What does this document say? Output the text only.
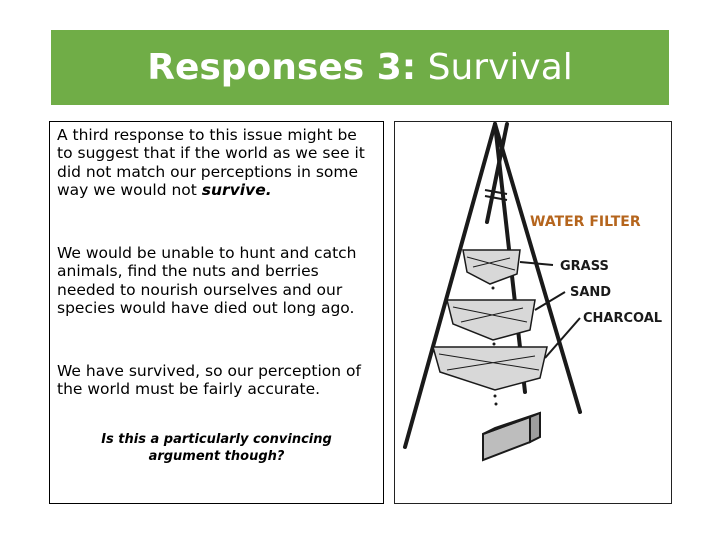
Responses 3: Survival

A third response to this issue might be to suggest that if the world as we see it did not match our perceptions in some way we would not survive.

We would be unable to hunt and catch animals, find the nuts and berries needed to nourish ourselves and our species would have died out long ago.

We have survived, so our perception of the world must be fairly accurate.

Is this a particularly convincing argument though?

WATER FILTER
GRASS
SAND
CHARCOAL
